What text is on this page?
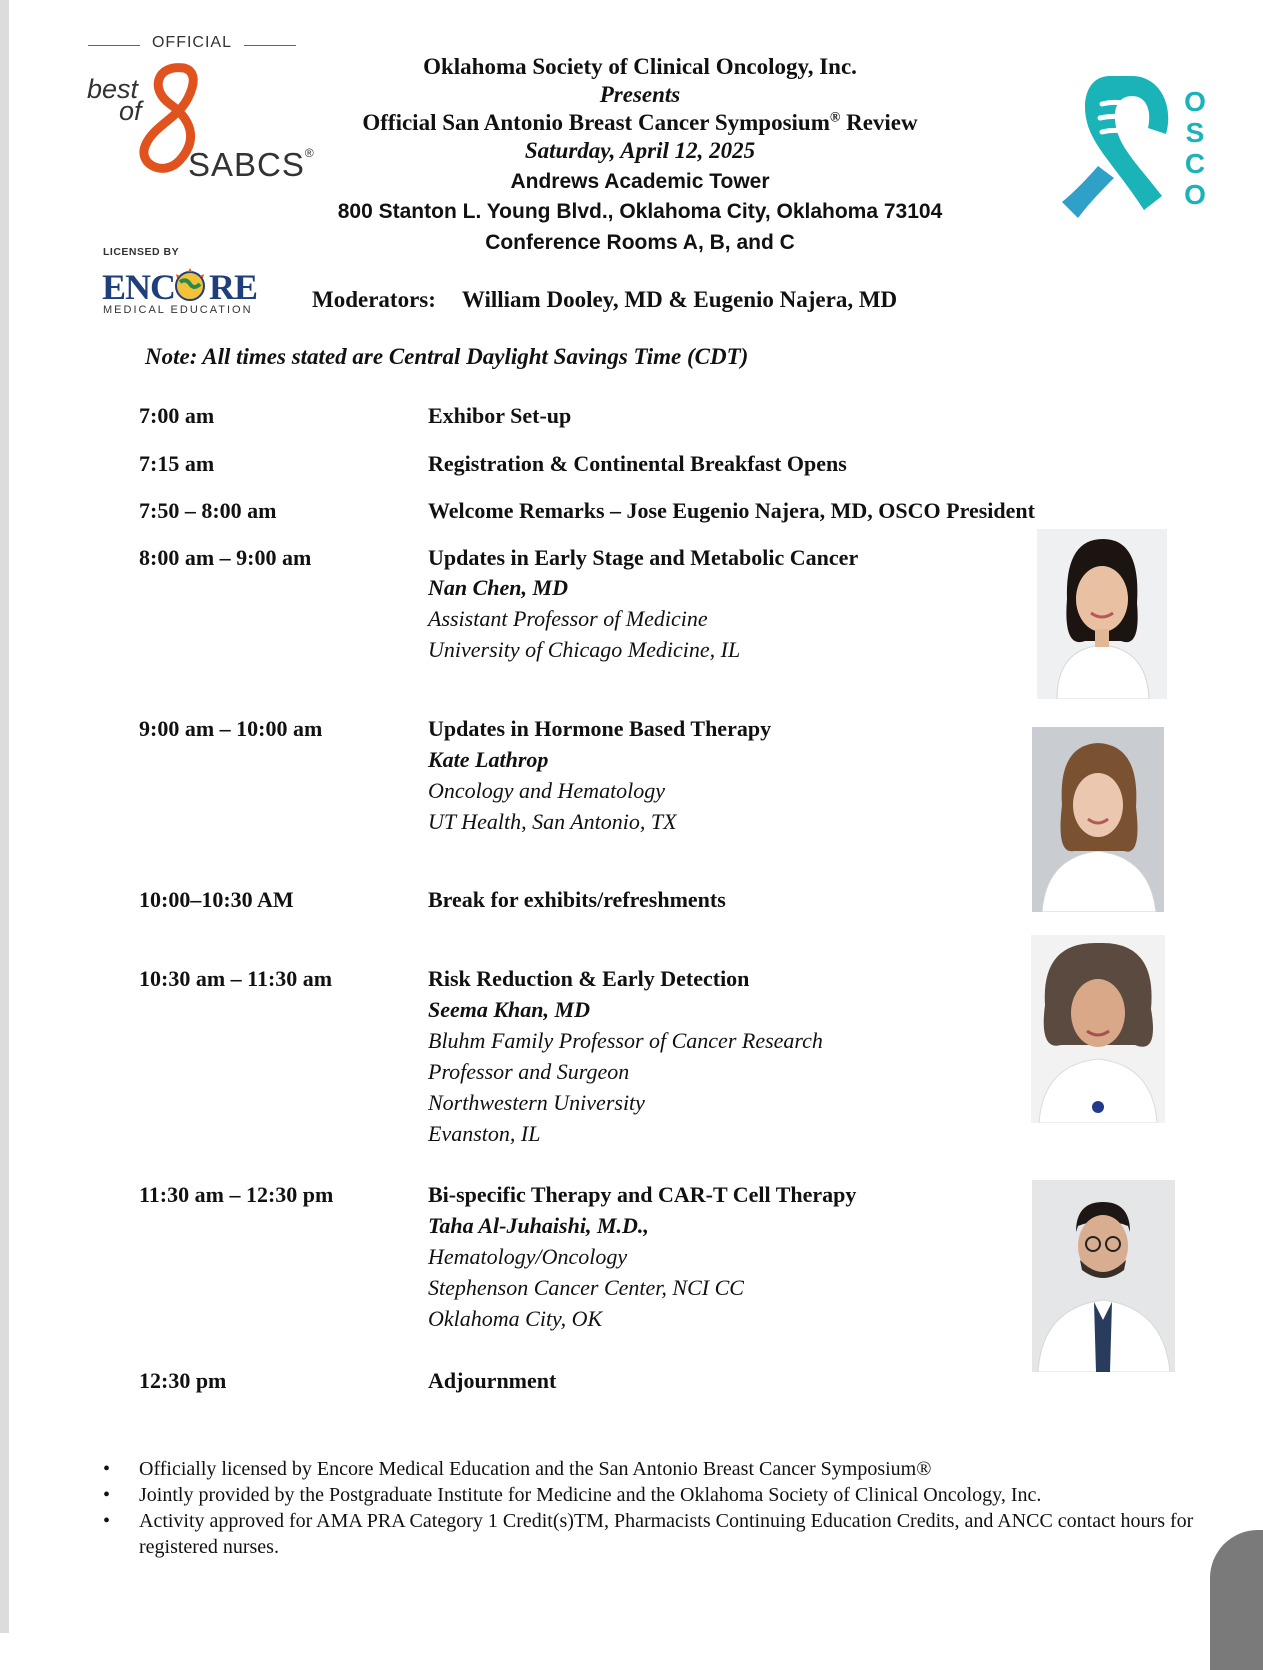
OFFICIAL
best
of
SABCS®
LICENSED BY
ENC RE
MEDICAL EDUCATION
O
S
C
O
Oklahoma Society of Clinical Oncology, Inc.
Presents
Official San Antonio Breast Cancer Symposium® Review
Saturday, April 12, 2025
Andrews Academic Tower
800 Stanton L. Young Blvd., Oklahoma City, Oklahoma 73104
Conference Rooms A, B, and C
Moderators: William Dooley, MD & Eugenio Najera, MD
Note: All times stated are Central Daylight Savings Time (CDT)
7:00 am	Exhibor Set-up
7:15 am	Registration & Continental Breakfast Opens
7:50 – 8:00 am	Welcome Remarks – Jose Eugenio Najera, MD, OSCO President
8:00 am – 9:00 am	Updates in Early Stage and Metabolic Cancer
Nan Chen, MD
Assistant Professor of Medicine
University of Chicago Medicine, IL
9:00 am – 10:00 am	Updates in Hormone Based Therapy
Kate Lathrop
Oncology and Hematology
UT Health, San Antonio, TX
10:00–10:30 AM	Break for exhibits/refreshments
10:30 am – 11:30 am	Risk Reduction & Early Detection
Seema Khan, MD
Bluhm Family Professor of Cancer Research
Professor and Surgeon
Northwestern University
Evanston, IL
11:30 am – 12:30 pm	Bi-specific Therapy and CAR-T Cell Therapy
Taha Al-Juhaishi, M.D.,
Hematology/Oncology
Stephenson Cancer Center, NCI CC
Oklahoma City, OK
12:30 pm	Adjournment
• Officially licensed by Encore Medical Education and the San Antonio Breast Cancer Symposium®
• Jointly provided by the Postgraduate Institute for Medicine and the Oklahoma Society of Clinical Oncology, Inc.
• Activity approved for AMA PRA Category 1 Credit(s)TM, Pharmacists Continuing Education Credits, and ANCC contact hours for registered nurses.
